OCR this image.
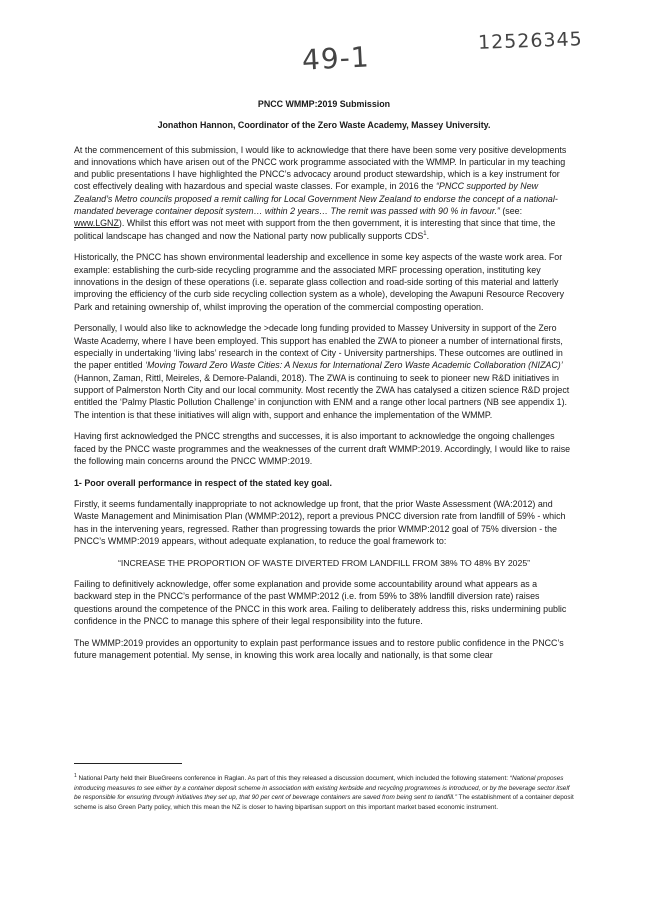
49-1	12526345
PNCC WMMP:2019 Submission
Jonathon Hannon, Coordinator of the Zero Waste Academy, Massey University.

At the commencement of this submission, I would like to acknowledge that there have been some very positive developments and innovations which have arisen out of the PNCC work programme associated with the WMMP. In particular in my teaching and public presentations I have highlighted the PNCC’s advocacy around product stewardship, which is a key instrument for cost effectively dealing with hazardous and special waste classes. For example, in 2016 the “PNCC supported by New Zealand’s Metro councils proposed a remit calling for Local Government New Zealand to endorse the concept of a national-mandated beverage container deposit system… within 2 years… The remit was passed with 90 % in favour.” (see: www.LGNZ). Whilst this effort was not meet with support from the then government, it is interesting that since that time, the political landscape has changed and now the National party now publically supports CDS$^1$.

Historically, the PNCC has shown environmental leadership and excellence in some key aspects of the waste work area. For example: establishing the curb-side recycling programme and the associated MRF processing operation, instituting key innovations in the design of these operations (i.e. separate glass collection and road-side sorting of this material and latterly improving the efficiency of the curb side recycling collection system as a whole), developing the Awapuni Resource Recovery Park and retaining ownership of, whilst improving the operation of the commercial composting operation.

Personally, I would also like to acknowledge the >decade long funding provided to Massey University in support of the Zero Waste Academy, where I have been employed. This support has enabled the ZWA to pioneer a number of international firsts, especially in undertaking ‘living labs’ research in the context of City - University partnerships. These outcomes are outlined in the paper entitled ‘Moving Toward Zero Waste Cities: A Nexus for International Zero Waste Academic Collaboration (NIZAC)’ (Hannon, Zaman, Rittl, Meireles, & Demore-Palandi, 2018). The ZWA is continuing to seek to pioneer new R&D initiatives in support of Palmerston North City and our local community. Most recently the ZWA has catalysed a citizen science R&D project entitled the ‘Palmy Plastic Pollution Challenge’ in conjunction with ENM and a range other local partners (NB see appendix 1). The intention is that these initiatives will align with, support and enhance the implementation of the WMMP.

Having first acknowledged the PNCC strengths and successes, it is also important to acknowledge the ongoing challenges faced by the PNCC waste programmes and the weaknesses of the current draft WMMP:2019. Accordingly, I would like to raise the following main concerns around the PNCC WMMP:2019.

1- Poor overall performance in respect of the stated key goal.

Firstly, it seems fundamentally inappropriate to not acknowledge up front, that the prior Waste Assessment (WA:2012) and Waste Management and Minimisation Plan (WMMP:2012), report a previous PNCC diversion rate from landfill of 59% - which has in the intervening years, regressed. Rather than progressing towards the prior WMMP:2012 goal of 75% diversion - the PNCC’s WMMP:2019 appears, without adequate explanation, to reduce the goal framework to:

“INCREASE THE PROPORTION OF WASTE DIVERTED FROM LANDFILL FROM 38% TO 48% BY 2025”

Failing to definitively acknowledge, offer some explanation and provide some accountability around what appears as a backward step in the PNCC’s performance of the past WMMP:2012 (i.e. from 59% to 38% landfill diversion rate) raises questions around the competence of the PNCC in this work area. Failing to deliberately address this, risks undermining public confidence in the PNCC to manage this sphere of their legal responsibility into the future.

The WMMP:2019 provides an opportunity to explain past performance issues and to restore public confidence in the PNCC’s future management potential. My sense, in knowing this work area locally and nationally, is that some clear

$^1$ National Party held their BlueGreens conference in Raglan. As part of this they released a discussion document, which included the following statement: “National proposes introducing measures to see either by a container deposit scheme in association with existing kerbside and recycling programmes is introduced, or by the beverage sector itself be responsible for ensuring through initiatives they set up, that 90 per cent of beverage containers are saved from being sent to landfill.” The establishment of a container deposit scheme is also Green Party policy, which this mean the NZ is closer to having bipartisan support on this important market based economic instrument.
